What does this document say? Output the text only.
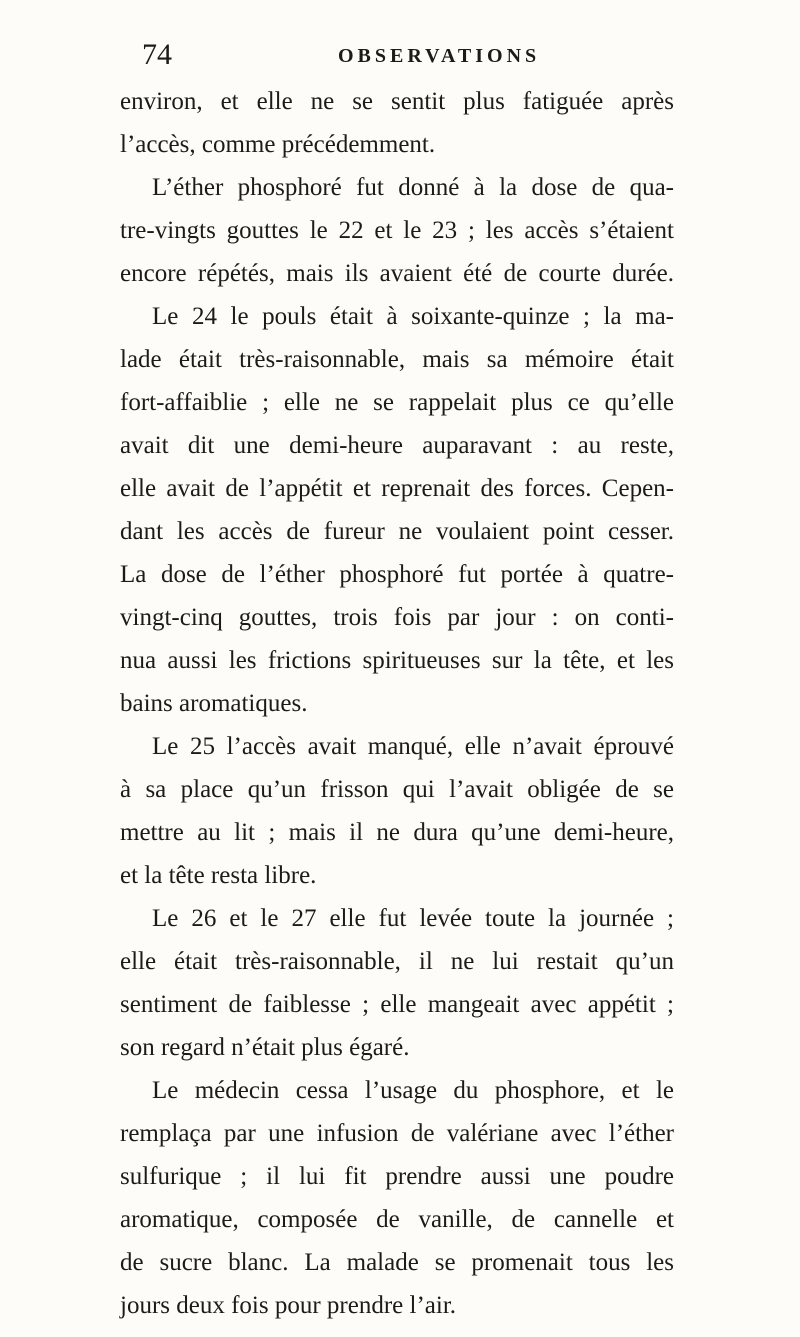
74	OBSERVATIONS
environ, et elle ne se sentit plus fatiguée après
l’accès, comme précédemment.
L’éther phosphoré fut donné à la dose de qua-
tre-vingts gouttes le 22 et le 23 ; les accès s’étaient
encore répétés, mais ils avaient été de courte durée.
Le 24 le pouls était à soixante-quinze ; la ma-
lade était très-raisonnable, mais sa mémoire était
fort-affaiblie ; elle ne se rappelait plus ce qu’elle
avait dit une demi-heure auparavant : au reste,
elle avait de l’appétit et reprenait des forces. Cepen-
dant les accès de fureur ne voulaient point cesser.
La dose de l’éther phosphoré fut portée à quatre-
vingt-cinq gouttes, trois fois par jour : on conti-
nua aussi les frictions spiritueuses sur la tête, et les
bains aromatiques.
Le 25 l’accès avait manqué, elle n’avait éprouvé
à sa place qu’un frisson qui l’avait obligée de se
mettre au lit ; mais il ne dura qu’une demi-heure,
et la tête resta libre.
Le 26 et le 27 elle fut levée toute la journée ;
elle était très-raisonnable, il ne lui restait qu’un
sentiment de faiblesse ; elle mangeait avec appétit ;
son regard n’était plus égaré.
Le médecin cessa l’usage du phosphore, et le
remplaça par une infusion de valériane avec l’éther
sulfurique ; il lui fit prendre aussi une poudre
aromatique, composée de vanille, de cannelle et
de sucre blanc. La malade se promenait tous les
jours deux fois pour prendre l’air.
